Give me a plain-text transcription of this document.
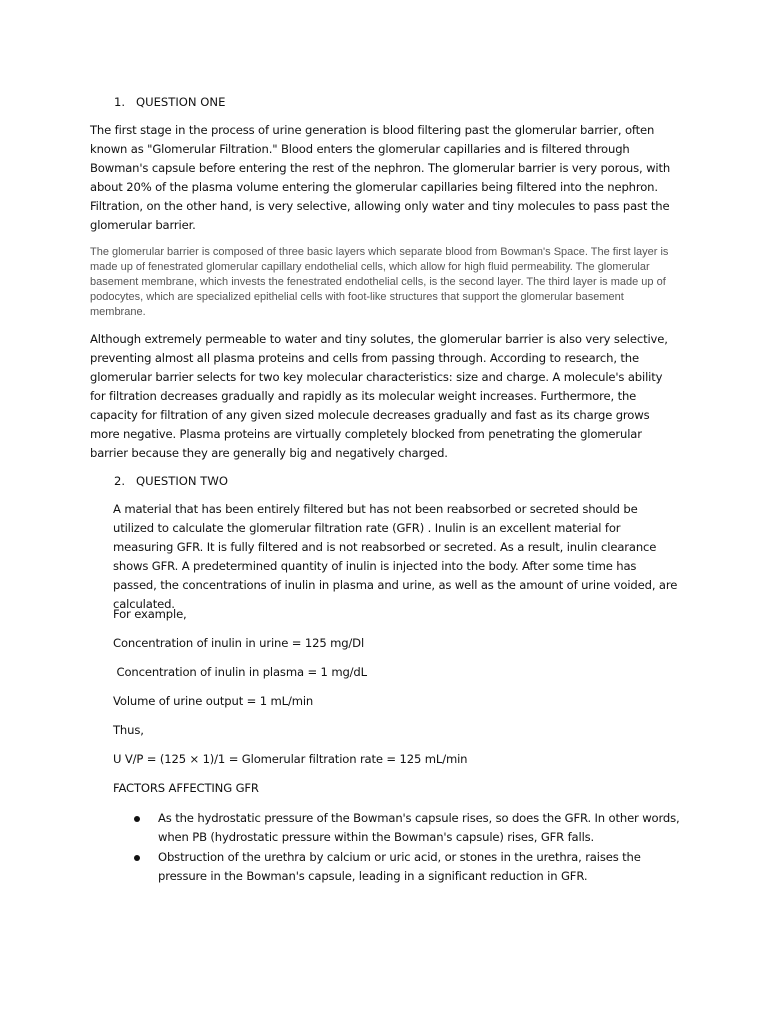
1. QUESTION ONE

The first stage in the process of urine generation is blood filtering past the glomerular barrier, often known as "Glomerular Filtration." Blood enters the glomerular capillaries and is filtered through Bowman's capsule before entering the rest of the nephron. The glomerular barrier is very porous, with about 20% of the plasma volume entering the glomerular capillaries being filtered into the nephron. Filtration, on the other hand, is very selective, allowing only water and tiny molecules to pass past the glomerular barrier.

The glomerular barrier is composed of three basic layers which separate blood from Bowman's Space. The first layer is made up of fenestrated glomerular capillary endothelial cells, which allow for high fluid permeability. The glomerular basement membrane, which invests the fenestrated endothelial cells, is the second layer. The third layer is made up of podocytes, which are specialized epithelial cells with foot-like structures that support the glomerular basement membrane.

Although extremely permeable to water and tiny solutes, the glomerular barrier is also very selective, preventing almost all plasma proteins and cells from passing through. According to research, the glomerular barrier selects for two key molecular characteristics: size and charge. A molecule's ability for filtration decreases gradually and rapidly as its molecular weight increases. Furthermore, the capacity for filtration of any given sized molecule decreases gradually and fast as its charge grows more negative. Plasma proteins are virtually completely blocked from penetrating the glomerular barrier because they are generally big and negatively charged.

2. QUESTION TWO

A material that has been entirely filtered but has not been reabsorbed or secreted should be utilized to calculate the glomerular filtration rate (GFR) . Inulin is an excellent material for measuring GFR. It is fully filtered and is not reabsorbed or secreted. As a result, inulin clearance shows GFR. A predetermined quantity of inulin is injected into the body. After some time has passed, the concentrations of inulin in plasma and urine, as well as the amount of urine voided, are calculated.

For example,

Concentration of inulin in urine = 125 mg/Dl

Concentration of inulin in plasma = 1 mg/dL

Volume of urine output = 1 mL/min

Thus,

U V/P = (125 × 1)/1 = Glomerular filtration rate = 125 mL/min

FACTORS AFFECTING GFR

As the hydrostatic pressure of the Bowman's capsule rises, so does the GFR. In other words, when PB (hydrostatic pressure within the Bowman's capsule) rises, GFR falls.
Obstruction of the urethra by calcium or uric acid, or stones in the urethra, raises the pressure in the Bowman's capsule, leading in a significant reduction in GFR.
